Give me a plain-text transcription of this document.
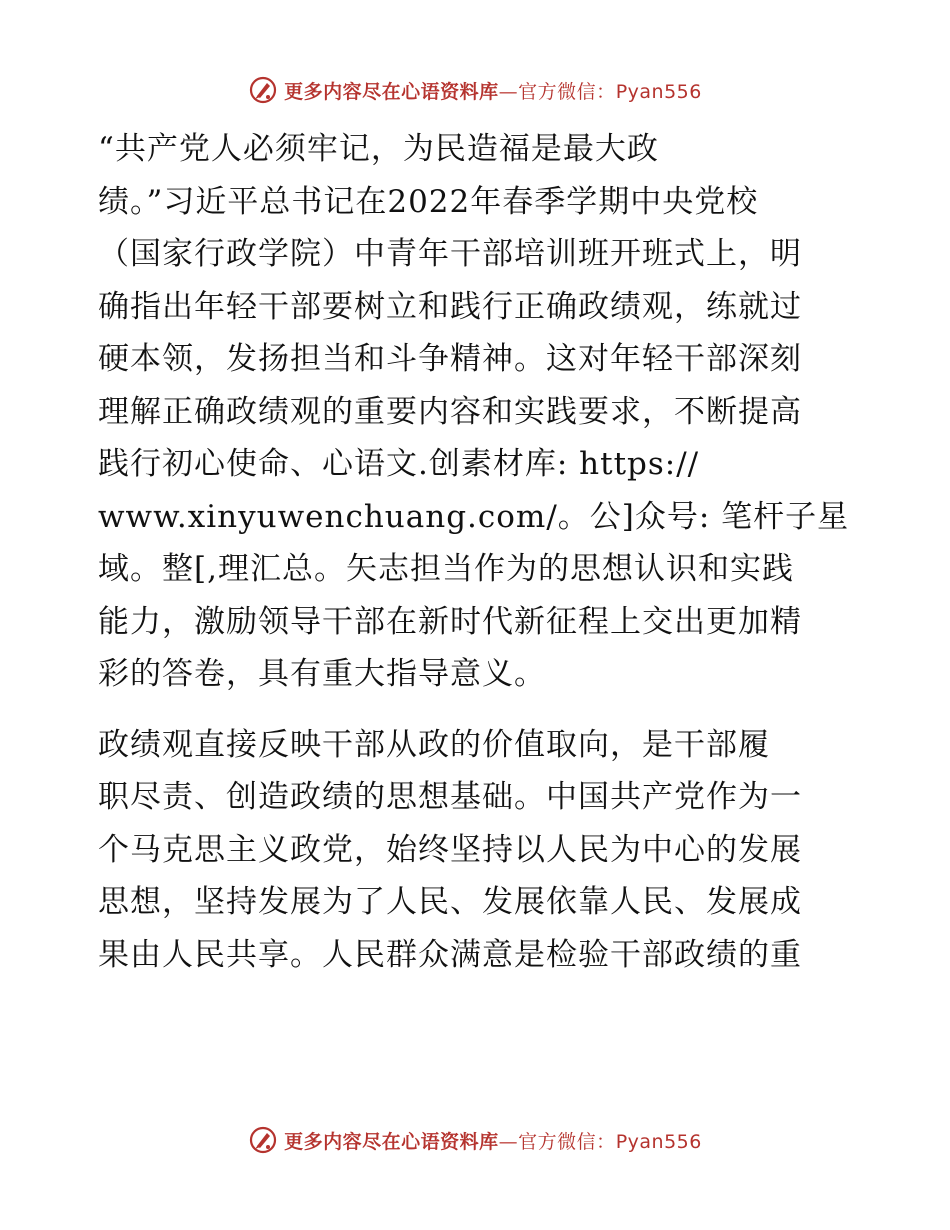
更多内容尽在心语资料库—官方微信：Pyan556

“共产党人必须牢记，为民造福是最大政
绩。”习近平总书记在2022年春季学期中央党校
（国家行政学院）中青年干部培训班开班式上，明
确指出年轻干部要树立和践行正确政绩观，练就过
硬本领，发扬担当和斗争精神。这对年轻干部深刻
理解正确政绩观的重要内容和实践要求，不断提高
践行初心使命、心语文.创素材库: https://
www.xinyuwenchuang.com/。公]众号: 笔杆子星
域。整[,理汇总。矢志担当作为的思想认识和实践
能力，激励领导干部在新时代新征程上交出更加精
彩的答卷，具有重大指导意义。

政绩观直接反映干部从政的价值取向，是干部履
职尽责、创造政绩的思想基础。中国共产党作为一
个马克思主义政党，始终坚持以人民为中心的发展
思想，坚持发展为了人民、发展依靠人民、发展成
果由人民共享。人民群众满意是检验干部政绩的重

更多内容尽在心语资料库—官方微信：Pyan556
